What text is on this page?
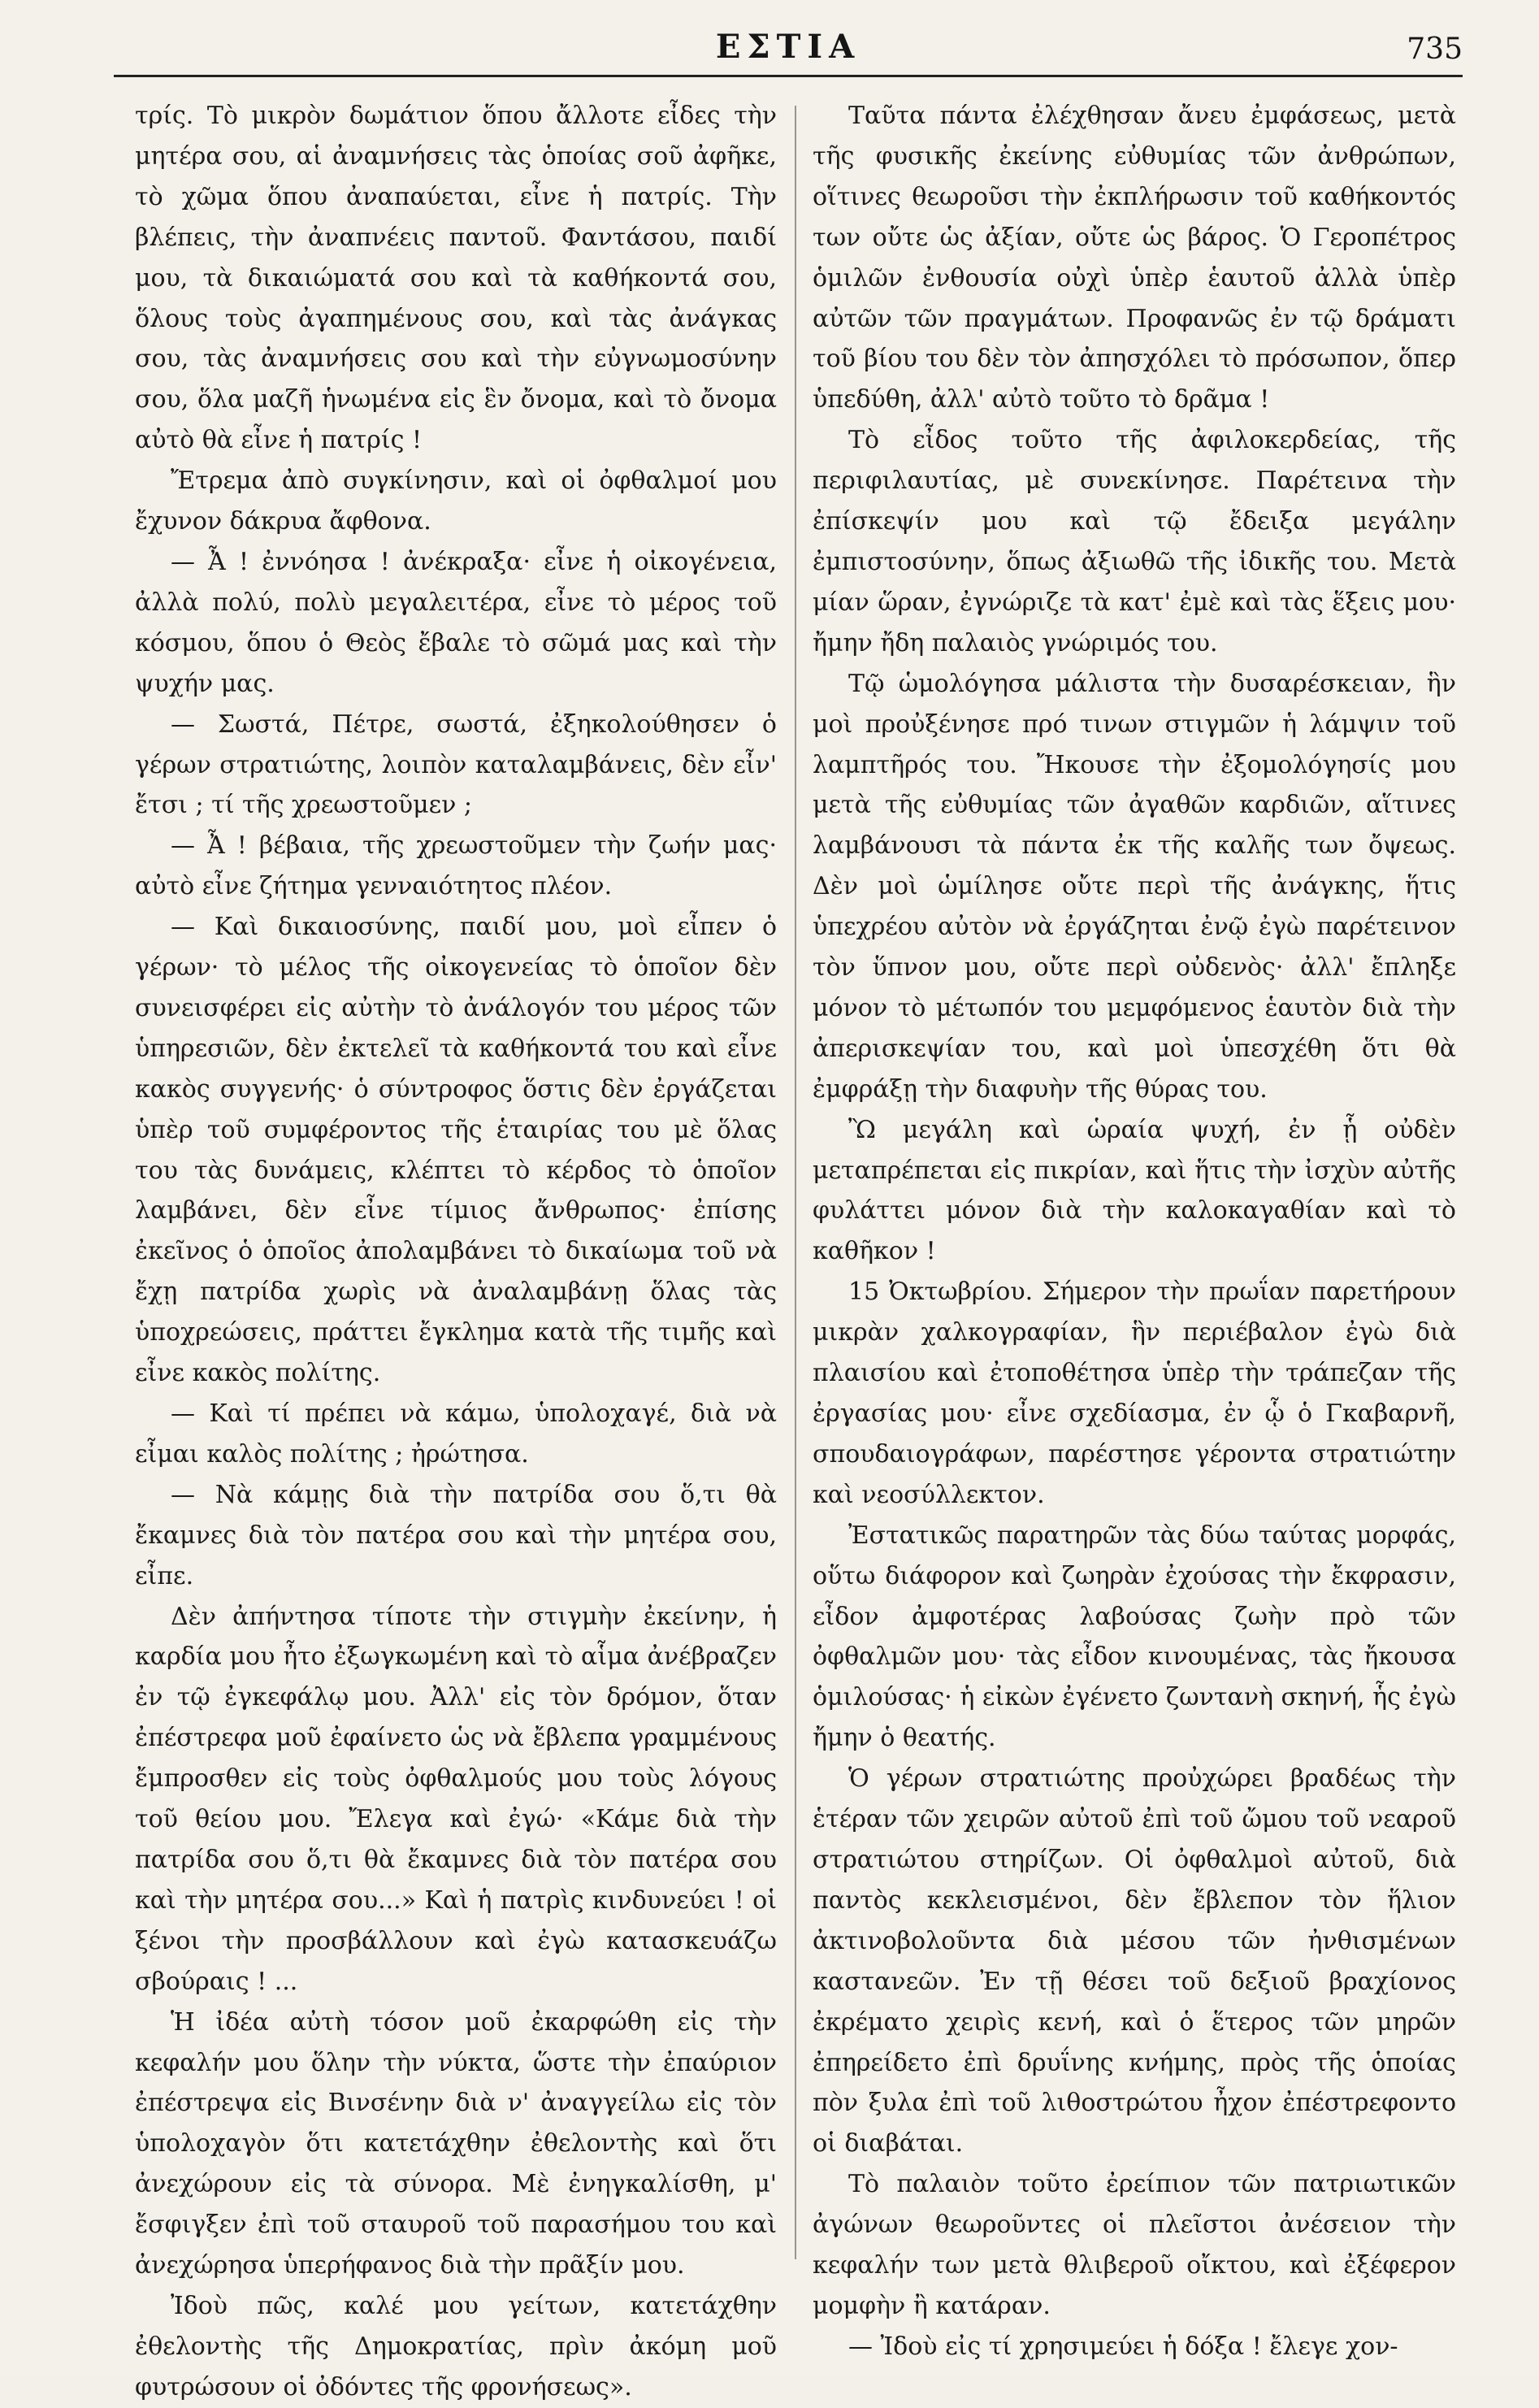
ΕΣΤΙΑ	735

τρίς. Τὸ μικρὸν δωμάτιον ὅπου ἄλλοτε εἶδες τὴν μητέρα σου, αἱ ἀναμνήσεις τὰς ὁποίας σοῦ ἀφῆκε, τὸ χῶμα ὅπου ἀναπαύεται, εἶνε ἡ πατρίς. Τὴν βλέπεις, τὴν ἀναπνέεις παντοῦ. Φαντάσου, παιδί μου, τὰ δικαιώματά σου καὶ τὰ καθήκοντά σου, ὅλους τοὺς ἀγαπημένους σου, καὶ τὰς ἀνάγκας σου, τὰς ἀναμνήσεις σου καὶ τὴν εὐγνωμοσύνην σου, ὅλα μαζῆ ἡνωμένα εἰς ἓν ὄνομα, καὶ τὸ ὄνομα αὐτὸ θὰ εἶνε ἡ πατρίς !

Ἔτρεμα ἀπὸ συγκίνησιν, καὶ οἱ ὀφθαλμοί μου ἔχυνον δάκρυα ἄφθονα.

— Ἆ ! ἐννόησα ! ἀνέκραξα· εἶνε ἡ οἰκογένεια, ἀλλὰ πολύ, πολὺ μεγαλειτέρα, εἶνε τὸ μέρος τοῦ κόσμου, ὅπου ὁ Θεὸς ἔβαλε τὸ σῶμά μας καὶ τὴν ψυχήν μας.

— Σωστά, Πέτρε, σωστά, ἐξηκολούθησεν ὁ γέρων στρατιώτης, λοιπὸν καταλαμβάνεις, δὲν εἶν' ἔτσι ; τί τῆς χρεωστοῦμεν ;

— Ἆ ! βέβαια, τῆς χρεωστοῦμεν τὴν ζωήν μας· αὐτὸ εἶνε ζήτημα γενναιότητος πλέον.

— Καὶ δικαιοσύνης, παιδί μου, μοὶ εἶπεν ὁ γέρων· τὸ μέλος τῆς οἰκογενείας τὸ ὁποῖον δὲν συνεισφέρει εἰς αὐτὴν τὸ ἀνάλογόν του μέρος τῶν ὑπηρεσιῶν, δὲν ἐκτελεῖ τὰ καθήκοντά του καὶ εἶνε κακὸς συγγενής· ὁ σύντροφος ὅστις δὲν ἐργάζεται ὑπὲρ τοῦ συμφέροντος τῆς ἑταιρίας του μὲ ὅλας του τὰς δυνάμεις, κλέπτει τὸ κέρδος τὸ ὁποῖον λαμβάνει, δὲν εἶνε τίμιος ἄνθρωπος· ἐπίσης ἐκεῖνος ὁ ὁποῖος ἀπολαμβάνει τὸ δικαίωμα τοῦ νὰ ἔχῃ πατρίδα χωρὶς νὰ ἀναλαμβάνῃ ὅλας τὰς ὑποχρεώσεις, πράττει ἔγκλημα κατὰ τῆς τιμῆς καὶ εἶνε κακὸς πολίτης.

— Καὶ τί πρέπει νὰ κάμω, ὑπολοχαγέ, διὰ νὰ εἶμαι καλὸς πολίτης ; ἠρώτησα.

— Νὰ κάμῃς διὰ τὴν πατρίδα σου ὅ,τι θὰ ἔκαμνες διὰ τὸν πατέρα σου καὶ τὴν μητέρα σου, εἶπε.

Δὲν ἀπήντησα τίποτε τὴν στιγμὴν ἐκείνην, ἡ καρδία μου ἦτο ἐξωγκωμένη καὶ τὸ αἷμα ἀνέβραζεν ἐν τῷ ἐγκεφάλῳ μου. Ἀλλ' εἰς τὸν δρόμον, ὅταν ἐπέστρεφα μοῦ ἐφαίνετο ὡς νὰ ἔβλεπα γραμμένους ἔμπροσθεν εἰς τοὺς ὀφθαλμούς μου τοὺς λόγους τοῦ θείου μου. Ἔλεγα καὶ ἐγώ· «Κάμε διὰ τὴν πατρίδα σου ὅ,τι θὰ ἔκαμνες διὰ τὸν πατέρα σου καὶ τὴν μητέρα σου...» Καὶ ἡ πατρὶς κινδυνεύει ! οἱ ξένοι τὴν προσβάλλουν καὶ ἐγὼ κατασκευάζω σβούραις ! ...

Ἡ ἰδέα αὐτὴ τόσον μοῦ ἐκαρφώθη εἰς τὴν κεφαλήν μου ὅλην τὴν νύκτα, ὥστε τὴν ἐπαύριον ἐπέστρεψα εἰς Βινσένην διὰ ν' ἀναγγείλω εἰς τὸν ὑπολοχαγὸν ὅτι κατετάχθην ἐθελοντὴς καὶ ὅτι ἀνεχώρουν εἰς τὰ σύνορα. Μὲ ἐνηγκαλίσθη, μ' ἔσφιγξεν ἐπὶ τοῦ σταυροῦ τοῦ παρασήμου του καὶ ἀνεχώρησα ὑπερήφανος διὰ τὴν πρᾶξίν μου.

Ἰδοὺ πῶς, καλέ μου γείτων, κατετάχθην ἐθελοντὴς τῆς Δημοκρατίας, πρὶν ἀκόμη μοῦ φυτρώσουν οἱ ὀδόντες τῆς φρονήσεως».

Ταῦτα πάντα ἐλέχθησαν ἄνευ ἐμφάσεως, μετὰ τῆς φυσικῆς ἐκείνης εὐθυμίας τῶν ἀνθρώπων, οἵτινες θεωροῦσι τὴν ἐκπλήρωσιν τοῦ καθήκοντός των οὔτε ὡς ἀξίαν, οὔτε ὡς βάρος. Ὁ Γεροπέτρος ὁμιλῶν ἐνθουσία οὐχὶ ὑπὲρ ἑαυτοῦ ἀλλὰ ὑπὲρ αὐτῶν τῶν πραγμάτων. Προφανῶς ἐν τῷ δράματι τοῦ βίου του δὲν τὸν ἀπησχόλει τὸ πρόσωπον, ὅπερ ὑπεδύθη, ἀλλ' αὐτὸ τοῦτο τὸ δρᾶμα !

Τὸ εἶδος τοῦτο τῆς ἀφιλοκερδείας, τῆς περιφιλαυτίας, μὲ συνεκίνησε. Παρέτεινα τὴν ἐπίσκεψίν μου καὶ τῷ ἔδειξα μεγάλην ἐμπιστοσύνην, ὅπως ἀξιωθῶ τῆς ἰδικῆς του. Μετὰ μίαν ὥραν, ἐγνώριζε τὰ κατ' ἐμὲ καὶ τὰς ἕξεις μου· ἤμην ἤδη παλαιὸς γνώριμός του.

Τῷ ὡμολόγησα μάλιστα τὴν δυσαρέσκειαν, ἣν μοὶ προὐξένησε πρό τινων στιγμῶν ἡ λάμψιν τοῦ λαμπτῆρός του. Ἤκουσε τὴν ἐξομολόγησίς μου μετὰ τῆς εὐθυμίας τῶν ἀγαθῶν καρδιῶν, αἵτινες λαμβάνουσι τὰ πάντα ἐκ τῆς καλῆς των ὄψεως. Δὲν μοὶ ὡμίλησε οὔτε περὶ τῆς ἀνάγκης, ἥτις ὑπεχρέου αὐτὸν νὰ ἐργάζηται ἐνῷ ἐγὼ παρέτεινον τὸν ὕπνον μου, οὔτε περὶ οὐδενὸς· ἀλλ' ἔπληξε μόνον τὸ μέτωπόν του μεμφόμενος ἑαυτὸν διὰ τὴν ἀπερισκεψίαν του, καὶ μοὶ ὑπεσχέθη ὅτι θὰ ἐμφράξῃ τὴν διαφυὴν τῆς θύρας του.

Ὢ μεγάλη καὶ ὡραία ψυχή, ἐν ᾗ οὐδὲν μεταπρέπεται εἰς πικρίαν, καὶ ἥτις τὴν ἰσχὺν αὐτῆς φυλάττει μόνον διὰ τὴν καλοκαγαθίαν καὶ τὸ καθῆκον !

15 Ὀκτωβρίου. Σήμερον τὴν πρωΐαν παρετήρουν μικρὰν χαλκογραφίαν, ἣν περιέβαλον ἐγὼ διὰ πλαισίου καὶ ἐτοποθέτησα ὑπὲρ τὴν τράπεζαν τῆς ἐργασίας μου· εἶνε σχεδίασμα, ἐν ᾧ ὁ Γκαβαρνῆ, σπουδαιογράφων, παρέστησε γέροντα στρατιώτην καὶ νεοσύλλεκτον.

Ἐστατικῶς παρατηρῶν τὰς δύω ταύτας μορφάς, οὕτω διάφορον καὶ ζωηρὰν ἐχούσας τὴν ἔκφρασιν, εἶδον ἀμφοτέρας λαβούσας ζωὴν πρὸ τῶν ὀφθαλμῶν μου· τὰς εἶδον κινουμένας, τὰς ἤκουσα ὁμιλούσας· ἡ εἰκὼν ἐγένετο ζωντανὴ σκηνή, ἧς ἐγὼ ἤμην ὁ θεατής.

Ὁ γέρων στρατιώτης προὐχώρει βραδέως τὴν ἑτέραν τῶν χειρῶν αὐτοῦ ἐπὶ τοῦ ὤμου τοῦ νεαροῦ στρατιώτου στηρίζων. Οἱ ὀφθαλμοὶ αὐτοῦ, διὰ παντὸς κεκλεισμένοι, δὲν ἔβλεπον τὸν ἥλιον ἀκτινοβολοῦντα διὰ μέσου τῶν ἠνθισμένων καστανεῶν. Ἐν τῇ θέσει τοῦ δεξιοῦ βραχίονος ἐκρέματο χειρὶς κενή, καὶ ὁ ἕτερος τῶν μηρῶν ἐπηρείδετο ἐπὶ δρυΐνης κνήμης, πρὸς τῆς ὁποίας πὸν ξυλα ἐπὶ τοῦ λιθοστρώτου ἦχον ἐπέστρεφοντο οἱ διαβάται.

Τὸ παλαιὸν τοῦτο ἐρείπιον τῶν πατριωτικῶν ἀγώνων θεωροῦντες οἱ πλεῖστοι ἀνέσειον τὴν κεφαλήν των μετὰ θλιβεροῦ οἴκτου, καὶ ἐξέφερον μομφὴν ἢ κατάραν.

— Ἰδοὺ εἰς τί χρησιμεύει ἡ δόξα ! ἔλεγε χον-
